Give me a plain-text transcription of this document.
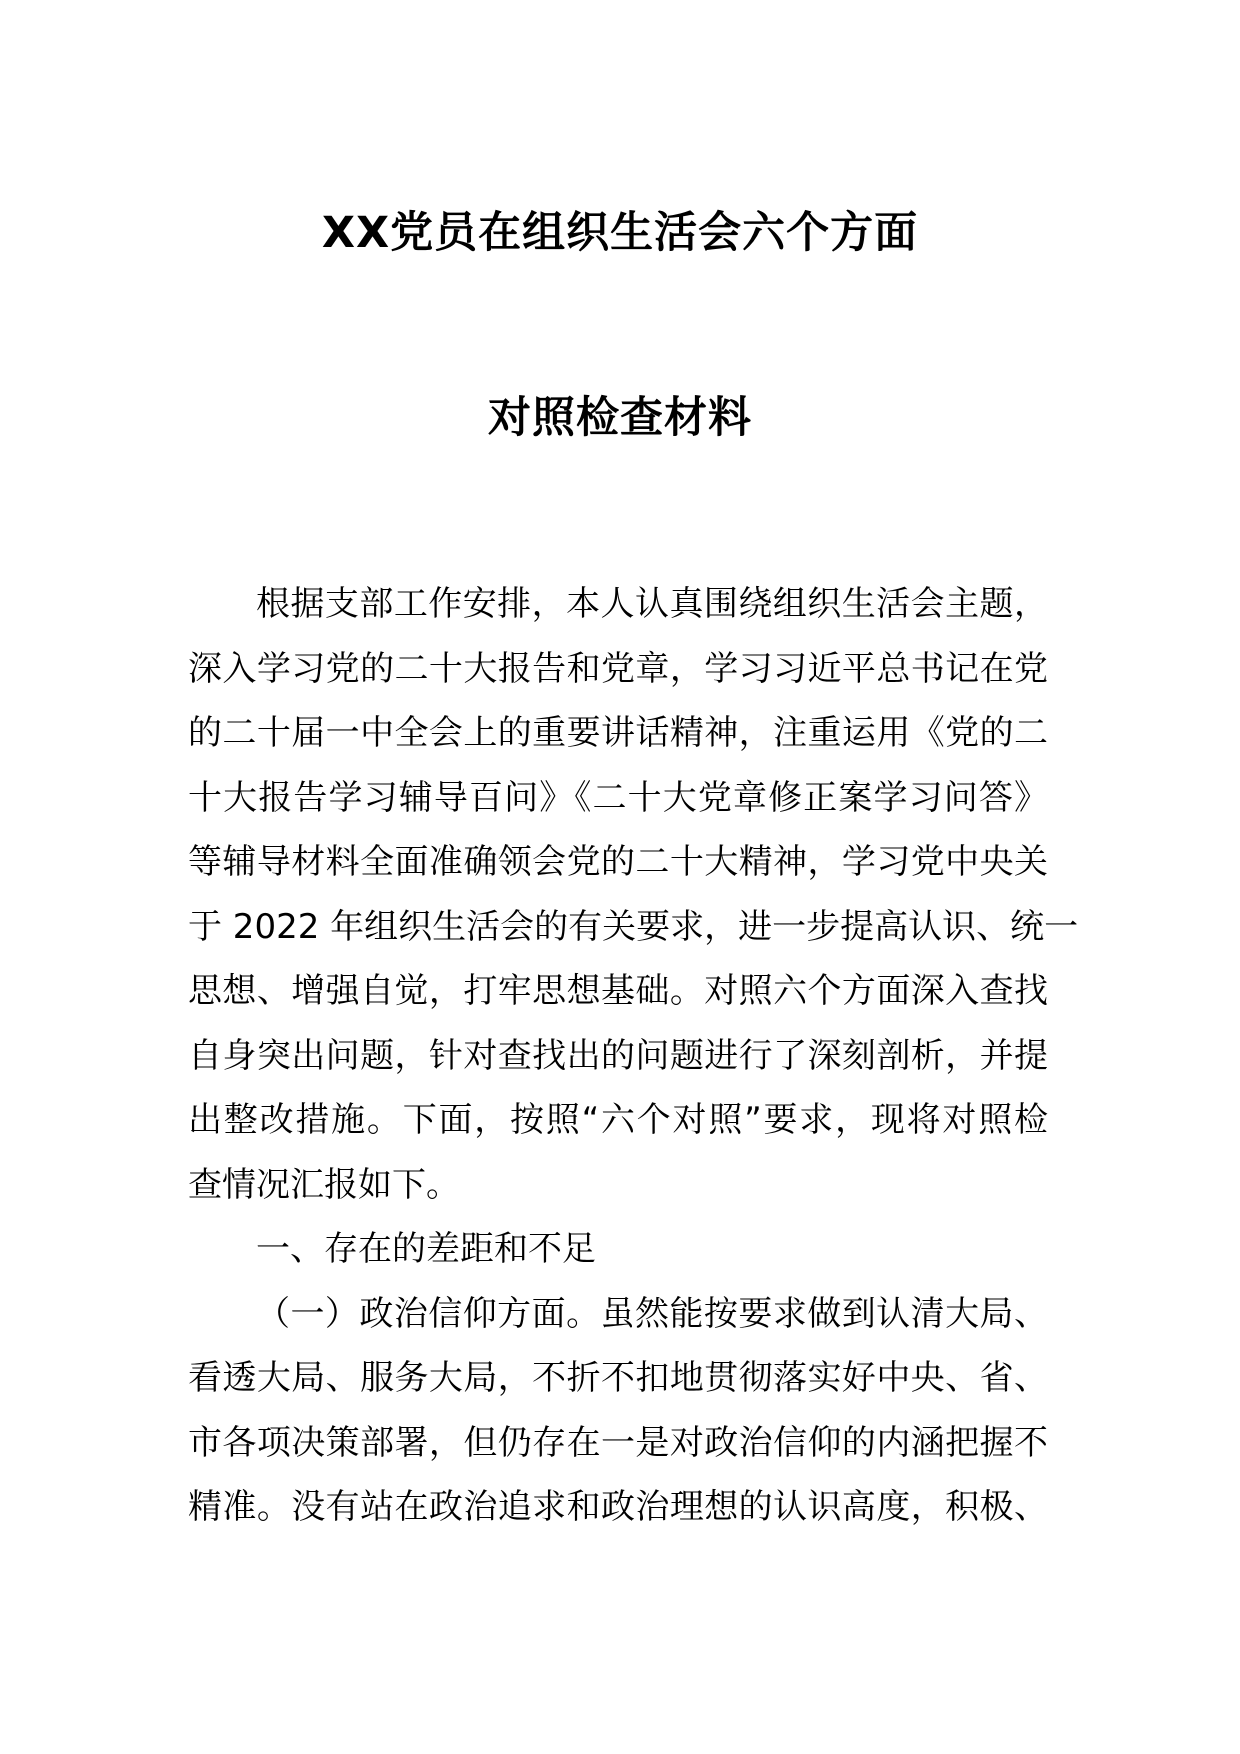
XX党员在组织生活会六个方面
对照检查材料
根据支部工作安排，本人认真围绕组织生活会主题，
深入学习党的二十大报告和党章，学习习近平总书记在党
的二十届一中全会上的重要讲话精神，注重运用《党的二
十大报告学习辅导百问》《二十大党章修正案学习问答》
等辅导材料全面准确领会党的二十大精神，学习党中央关
于 2022 年组织生活会的有关要求，进一步提高认识、统一
思想、增强自觉，打牢思想基础。对照六个方面深入查找
自身突出问题，针对查找出的问题进行了深刻剖析，并提
出整改措施。下面，按照“六个对照”要求，现将对照检
查情况汇报如下。
一、存在的差距和不足
（一）政治信仰方面。虽然能按要求做到认清大局、
看透大局、服务大局，不折不扣地贯彻落实好中央、省、
市各项决策部署，但仍存在一是对政治信仰的内涵把握不
精准。没有站在政治追求和政治理想的认识高度，积极、
